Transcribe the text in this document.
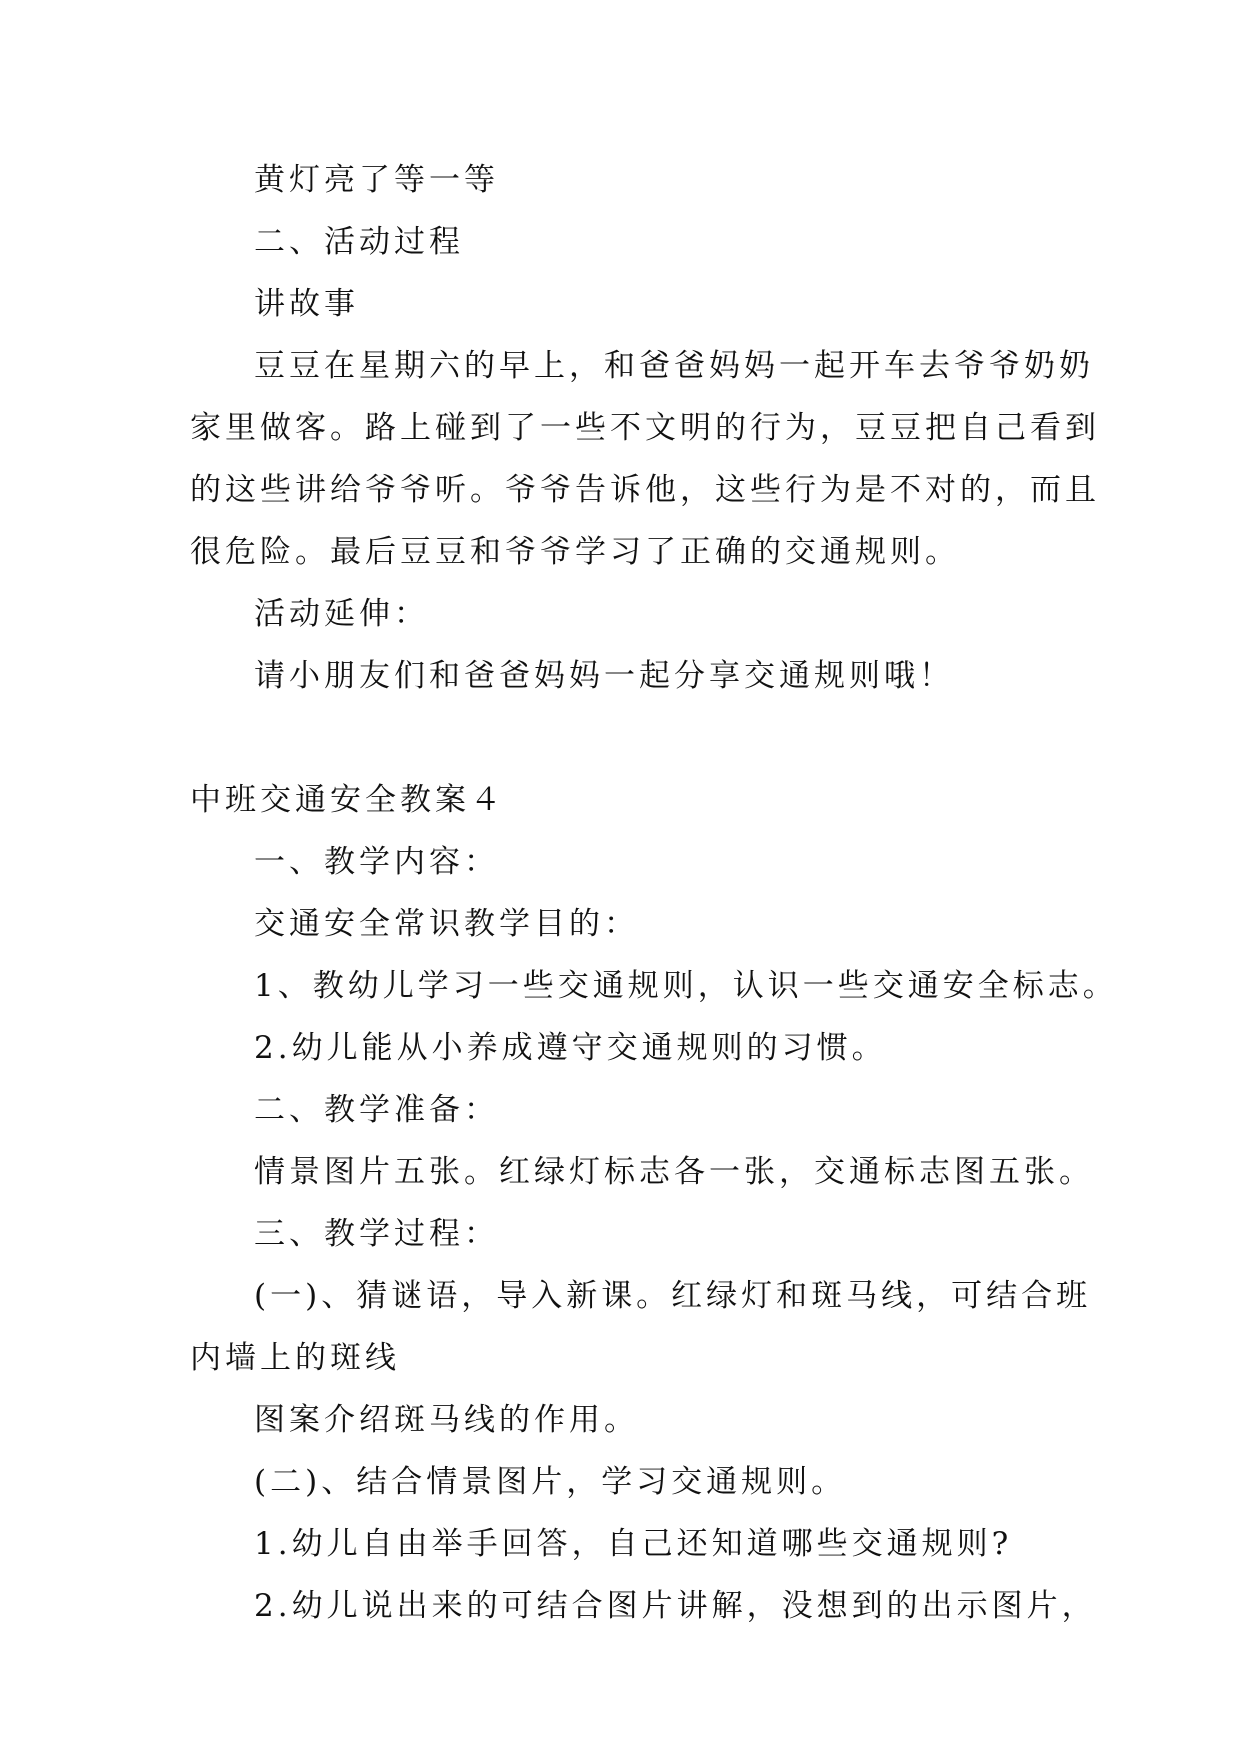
黄灯亮了等一等

二、活动过程

讲故事

豆豆在星期六的早上，和爸爸妈妈一起开车去爷爷奶奶

家里做客。路上碰到了一些不文明的行为，豆豆把自己看到

的这些讲给爷爷听。爷爷告诉他，这些行为是不对的，而且

很危险。最后豆豆和爷爷学习了正确的交通规则。

活动延伸：

请小朋友们和爸爸妈妈一起分享交通规则哦！

中班交通安全教案４

一、教学内容：

交通安全常识教学目的：

1、教幼儿学习一些交通规则，认识一些交通安全标志。

2.幼儿能从小养成遵守交通规则的习惯。

二、教学准备：

情景图片五张。红绿灯标志各一张，交通标志图五张。

三、教学过程：

(一)、猜谜语，导入新课。红绿灯和斑马线，可结合班

内墙上的斑线

图案介绍斑马线的作用。

(二)、结合情景图片，学习交通规则。

1.幼儿自由举手回答，自己还知道哪些交通规则?

2.幼儿说出来的可结合图片讲解，没想到的出示图片，
